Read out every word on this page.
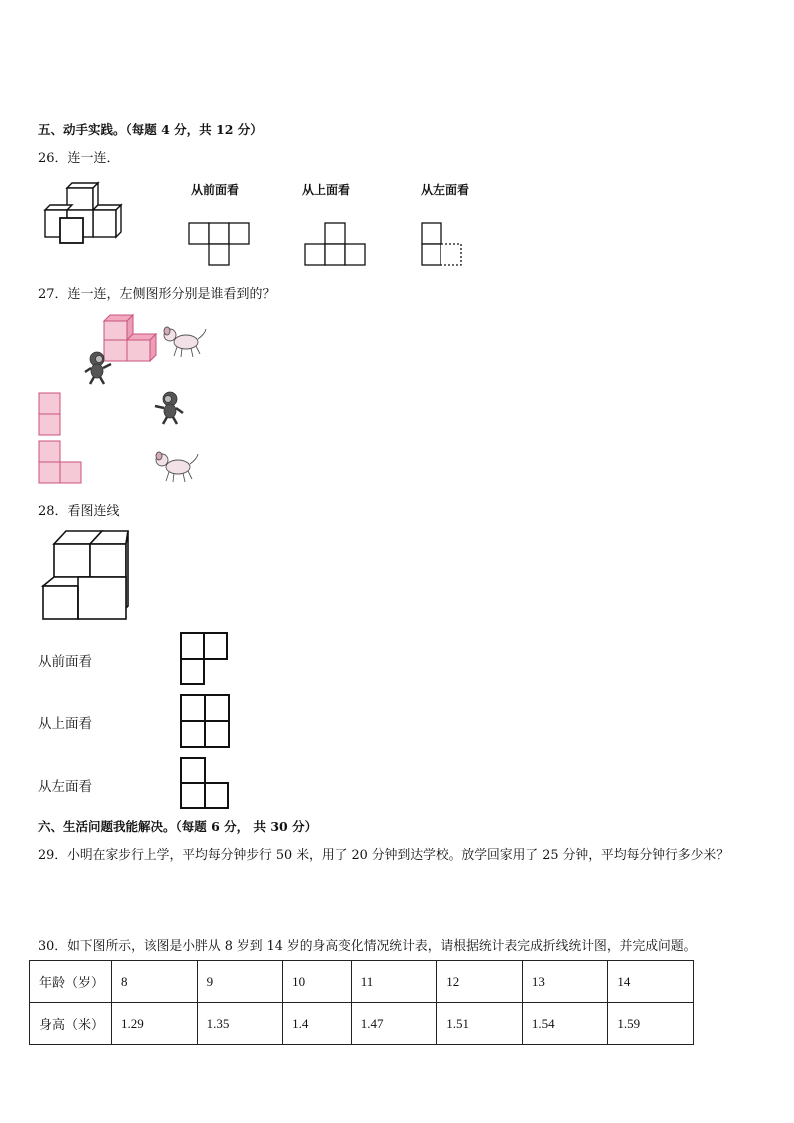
五、动手实践。（每题 4 分，共 12 分）
26．连一连．
从前面看	从上面看	从左面看
27．连一连，左侧图形分别是谁看到的？
28．看图连线
从前面看
从上面看
从左面看
六、生活问题我能解决。（每题 6 分， 共 30 分）
29．小明在家步行上学，平均每分钟步行 50 米，用了 20 分钟到达学校。放学回家用了 25 分钟，平均每分钟行多少米？
30．如下图所示，该图是小胖从 8 岁到 14 岁的身高变化情况统计表，请根据统计表完成折线统计图，并完成问题。
年龄（岁）	8	9	10	11	12	13	14
身高（米）	1.29	1.35	1.4	1.47	1.51	1.54	1.59
